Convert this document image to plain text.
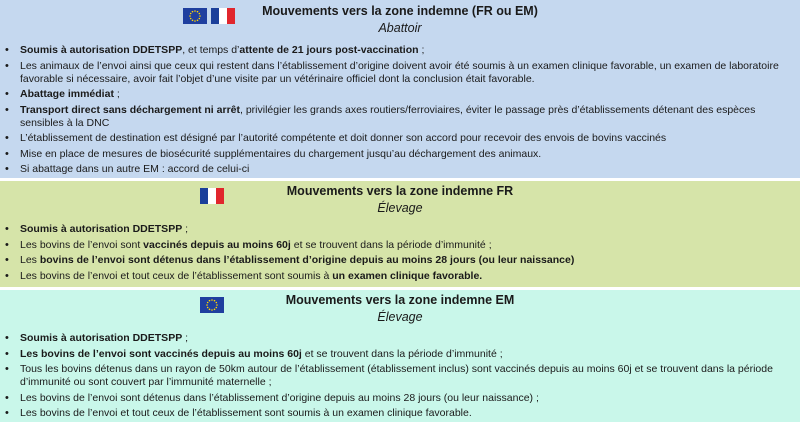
Mouvements vers la zone indemne (FR ou EM)
Abattoir
• Soumis à autorisation DDETSPP, et temps d’attente de 21 jours post-vaccination ;
• Les animaux de l’envoi ainsi que ceux qui restent dans l’établissement d’origine doivent avoir été soumis à un examen clinique favorable, un examen de laboratoire favorable si nécessaire, avoir fait l’objet d’une visite par un vétérinaire officiel dont la conclusion était favorable.
• Abattage immédiat ;
• Transport direct sans déchargement ni arrêt, privilégier les grands axes routiers/ferroviaires, éviter le passage près d’établissements détenant des espèces sensibles à la DNC
• L’établissement de destination est désigné par l’autorité compétente et doit donner son accord pour recevoir des envois de bovins vaccinés
• Mise en place de mesures de biosécurité supplémentaires du chargement jusqu’au déchargement des animaux.
• Si abattage dans un autre EM : accord de celui-ci
Mouvements vers la zone indemne FR
Élevage
• Soumis à autorisation DDETSPP ;
• Les bovins de l’envoi sont vaccinés depuis au moins 60j et se trouvent dans la période d’immunité ;
• Les bovins de l’envoi sont détenus dans l’établissement d’origine depuis au moins 28 jours (ou leur naissance)
• Les bovins de l’envoi et tout ceux de l’établissement sont soumis à un examen clinique favorable.
Mouvements vers la zone indemne EM
Élevage
• Soumis à autorisation DDETSPP ;
• Les bovins de l’envoi sont vaccinés depuis au moins 60j et se trouvent dans la période d’immunité ;
• Tous les bovins détenus dans un rayon de 50km autour de l’établissement (établissement inclus) sont vaccinés depuis au moins 60j et se trouvent dans la période d’immunité ou sont couvert par l’immunité maternelle ;
• Les bovins de l’envoi sont détenus dans l’établissement d’origine depuis au moins 28 jours (ou leur naissance) ;
• Les bovins de l’envoi et tout ceux de l’établissement sont soumis à un examen clinique favorable.
